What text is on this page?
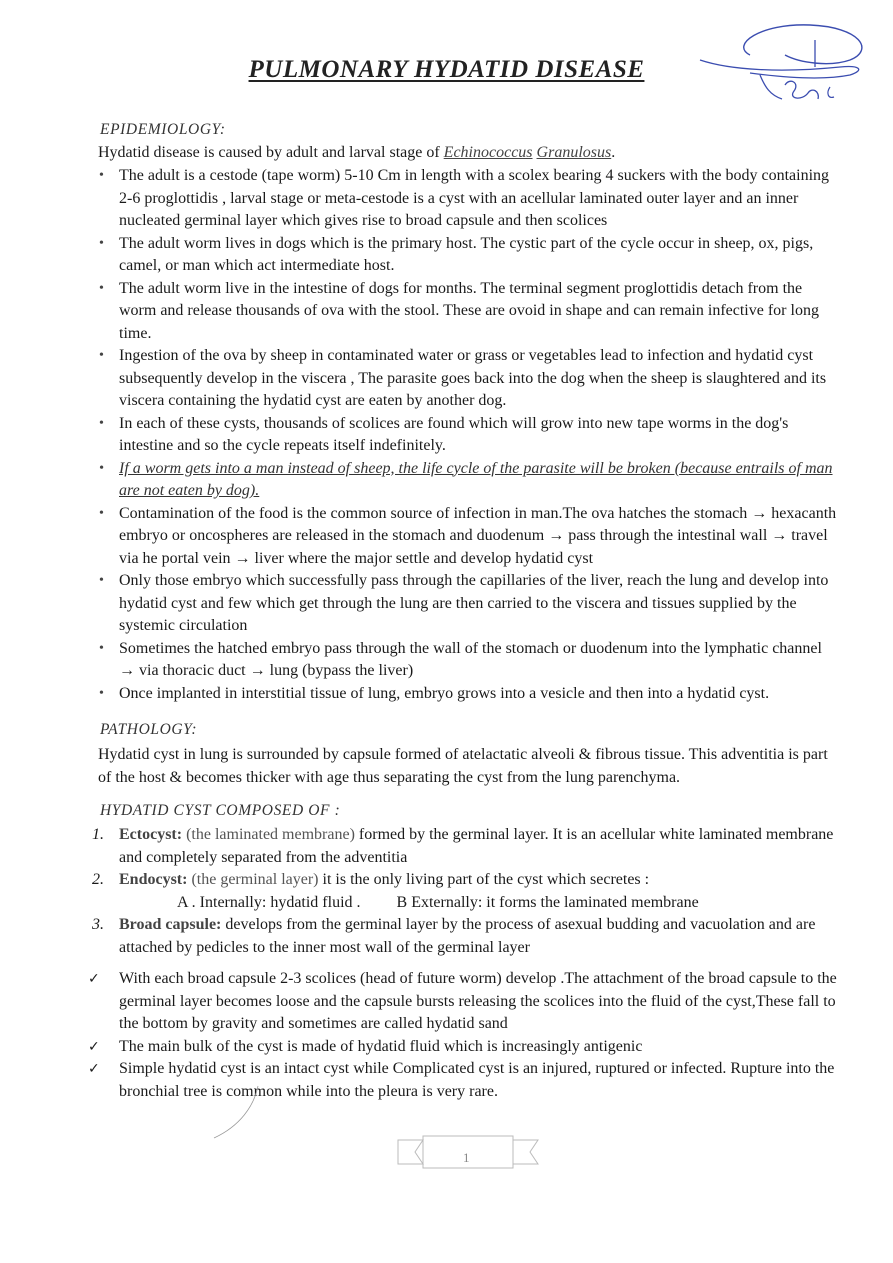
PULMONARY HYDATID DISEASE
EPIDEMIOLOGY:
Hydatid disease is caused by adult and larval stage of Echinococcus Granulosus.
• The adult is a cestode (tape worm) 5-10 Cm in length with a scolex bearing 4 suckers with the body containing 2-6 proglottidis , larval stage or meta-cestode is a cyst with an acellular laminated outer layer and an inner nucleated germinal layer which gives rise to broad capsule and then scolices
• The adult worm lives in dogs which is the primary host. The cystic part of the cycle occur in sheep, ox, pigs, camel, or man which act intermediate host.
• The adult worm live in the intestine of dogs for months. The terminal segment proglottidis detach from the worm and release thousands of ova with the stool. These are ovoid in shape and can remain infective for long time.
• Ingestion of the ova by sheep in contaminated water or grass or vegetables lead to infection and hydatid cyst subsequently develop in the viscera , The parasite goes back into the dog when the sheep is slaughtered and its viscera containing the hydatid cyst are eaten by another dog.
• In each of these cysts, thousands of scolices are found which will grow into new tape worms in the dog's intestine and so the cycle repeats itself indefinitely.
• If a worm gets into a man instead of sheep, the life cycle of the parasite will be broken (because entrails of man are not eaten by dog).
• Contamination of the food is the common source of infection in man.The ova hatches the stomach → hexacanth embryo or oncospheres are released in the stomach and duodenum → pass through the intestinal wall → travel via he portal vein → liver where the major settle and develop hydatid cyst
• Only those embryo which successfully pass through the capillaries of the liver, reach the lung and develop into hydatid cyst and few which get through the lung are then carried to the viscera and tissues supplied by the systemic circulation
• Sometimes the hatched embryo pass through the wall of the stomach or duodenum into the lymphatic channel → via thoracic duct → lung (bypass the liver)
• Once implanted in interstitial tissue of lung, embryo grows into a vesicle and then into a hydatid cyst.
PATHOLOGY:
Hydatid cyst in lung is surrounded by capsule formed of atelactatic alveoli & fibrous tissue. This adventitia is part of the host & becomes thicker with age thus separating the cyst from the lung parenchyma.
HYDATID CYST COMPOSED OF :
1. Ectocyst: (the laminated membrane) formed by the germinal layer. It is an acellular white laminated membrane and completely separated from the adventitia
2. Endocyst: (the germinal layer) it is the only living part of the cyst which secretes :
A . Internally: hydatid fluid . B Externally: it forms the laminated membrane
3. Broad capsule: develops from the germinal layer by the process of asexual budding and vacuolation and are attached by pedicles to the inner most wall of the germinal layer
✓ With each broad capsule 2-3 scolices (head of future worm) develop .The attachment of the broad capsule to the germinal layer becomes loose and the capsule bursts releasing the scolices into the fluid of the cyst,These fall to the bottom by gravity and sometimes are called hydatid sand
✓ The main bulk of the cyst is made of hydatid fluid which is increasingly antigenic
✓ Simple hydatid cyst is an intact cyst while Complicated cyst is an injured, ruptured or infected. Rupture into the bronchial tree is common while into the pleura is very rare.
1
